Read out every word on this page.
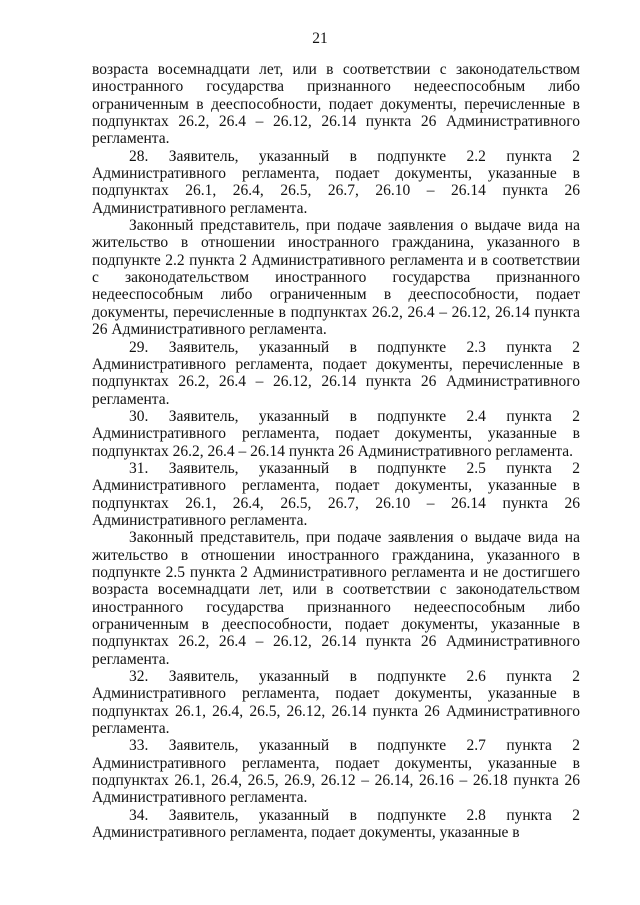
21

возраста восемнадцати лет, или в соответствии с законодательством иностранного государства признанного недееспособным либо ограниченным в дееспособности, подает документы, перечисленные в подпунктах 26.2, 26.4 – 26.12, 26.14 пункта 26 Административного регламента.

28. Заявитель, указанный в подпункте 2.2 пункта 2 Административного регламента, подает документы, указанные в подпунктах 26.1, 26.4, 26.5, 26.7, 26.10 – 26.14 пункта 26 Административного регламента.

Законный представитель, при подаче заявления о выдаче вида на жительство в отношении иностранного гражданина, указанного в подпункте 2.2 пункта 2 Административного регламента и в соответствии с законодательством иностранного государства признанного недееспособным либо ограниченным в дееспособности, подает документы, перечисленные в подпунктах 26.2, 26.4 – 26.12, 26.14 пункта 26 Административного регламента.

29. Заявитель, указанный в подпункте 2.3 пункта 2 Административного регламента, подает документы, перечисленные в подпунктах 26.2, 26.4 – 26.12, 26.14 пункта 26 Административного регламента.

30. Заявитель, указанный в подпункте 2.4 пункта 2 Административного регламента, подает документы, указанные в подпунктах 26.2, 26.4 – 26.14 пункта 26 Административного регламента.

31. Заявитель, указанный в подпункте 2.5 пункта 2 Административного регламента, подает документы, указанные в подпунктах 26.1, 26.4, 26.5, 26.7, 26.10 – 26.14 пункта 26 Административного регламента.

Законный представитель, при подаче заявления о выдаче вида на жительство в отношении иностранного гражданина, указанного в подпункте 2.5 пункта 2 Административного регламента и не достигшего возраста восемнадцати лет, или в соответствии с законодательством иностранного государства признанного недееспособным либо ограниченным в дееспособности, подает документы, указанные в подпунктах 26.2, 26.4 – 26.12, 26.14 пункта 26 Административного регламента.

32. Заявитель, указанный в подпункте 2.6 пункта 2 Административного регламента, подает документы, указанные в подпунктах 26.1, 26.4, 26.5, 26.12, 26.14 пункта 26 Административного регламента.

33. Заявитель, указанный в подпункте 2.7 пункта 2 Административного регламента, подает документы, указанные в подпунктах 26.1, 26.4, 26.5, 26.9, 26.12 – 26.14, 26.16 – 26.18 пункта 26 Административного регламента.

34. Заявитель, указанный в подпункте 2.8 пункта 2 Административного регламента, подает документы, указанные в
